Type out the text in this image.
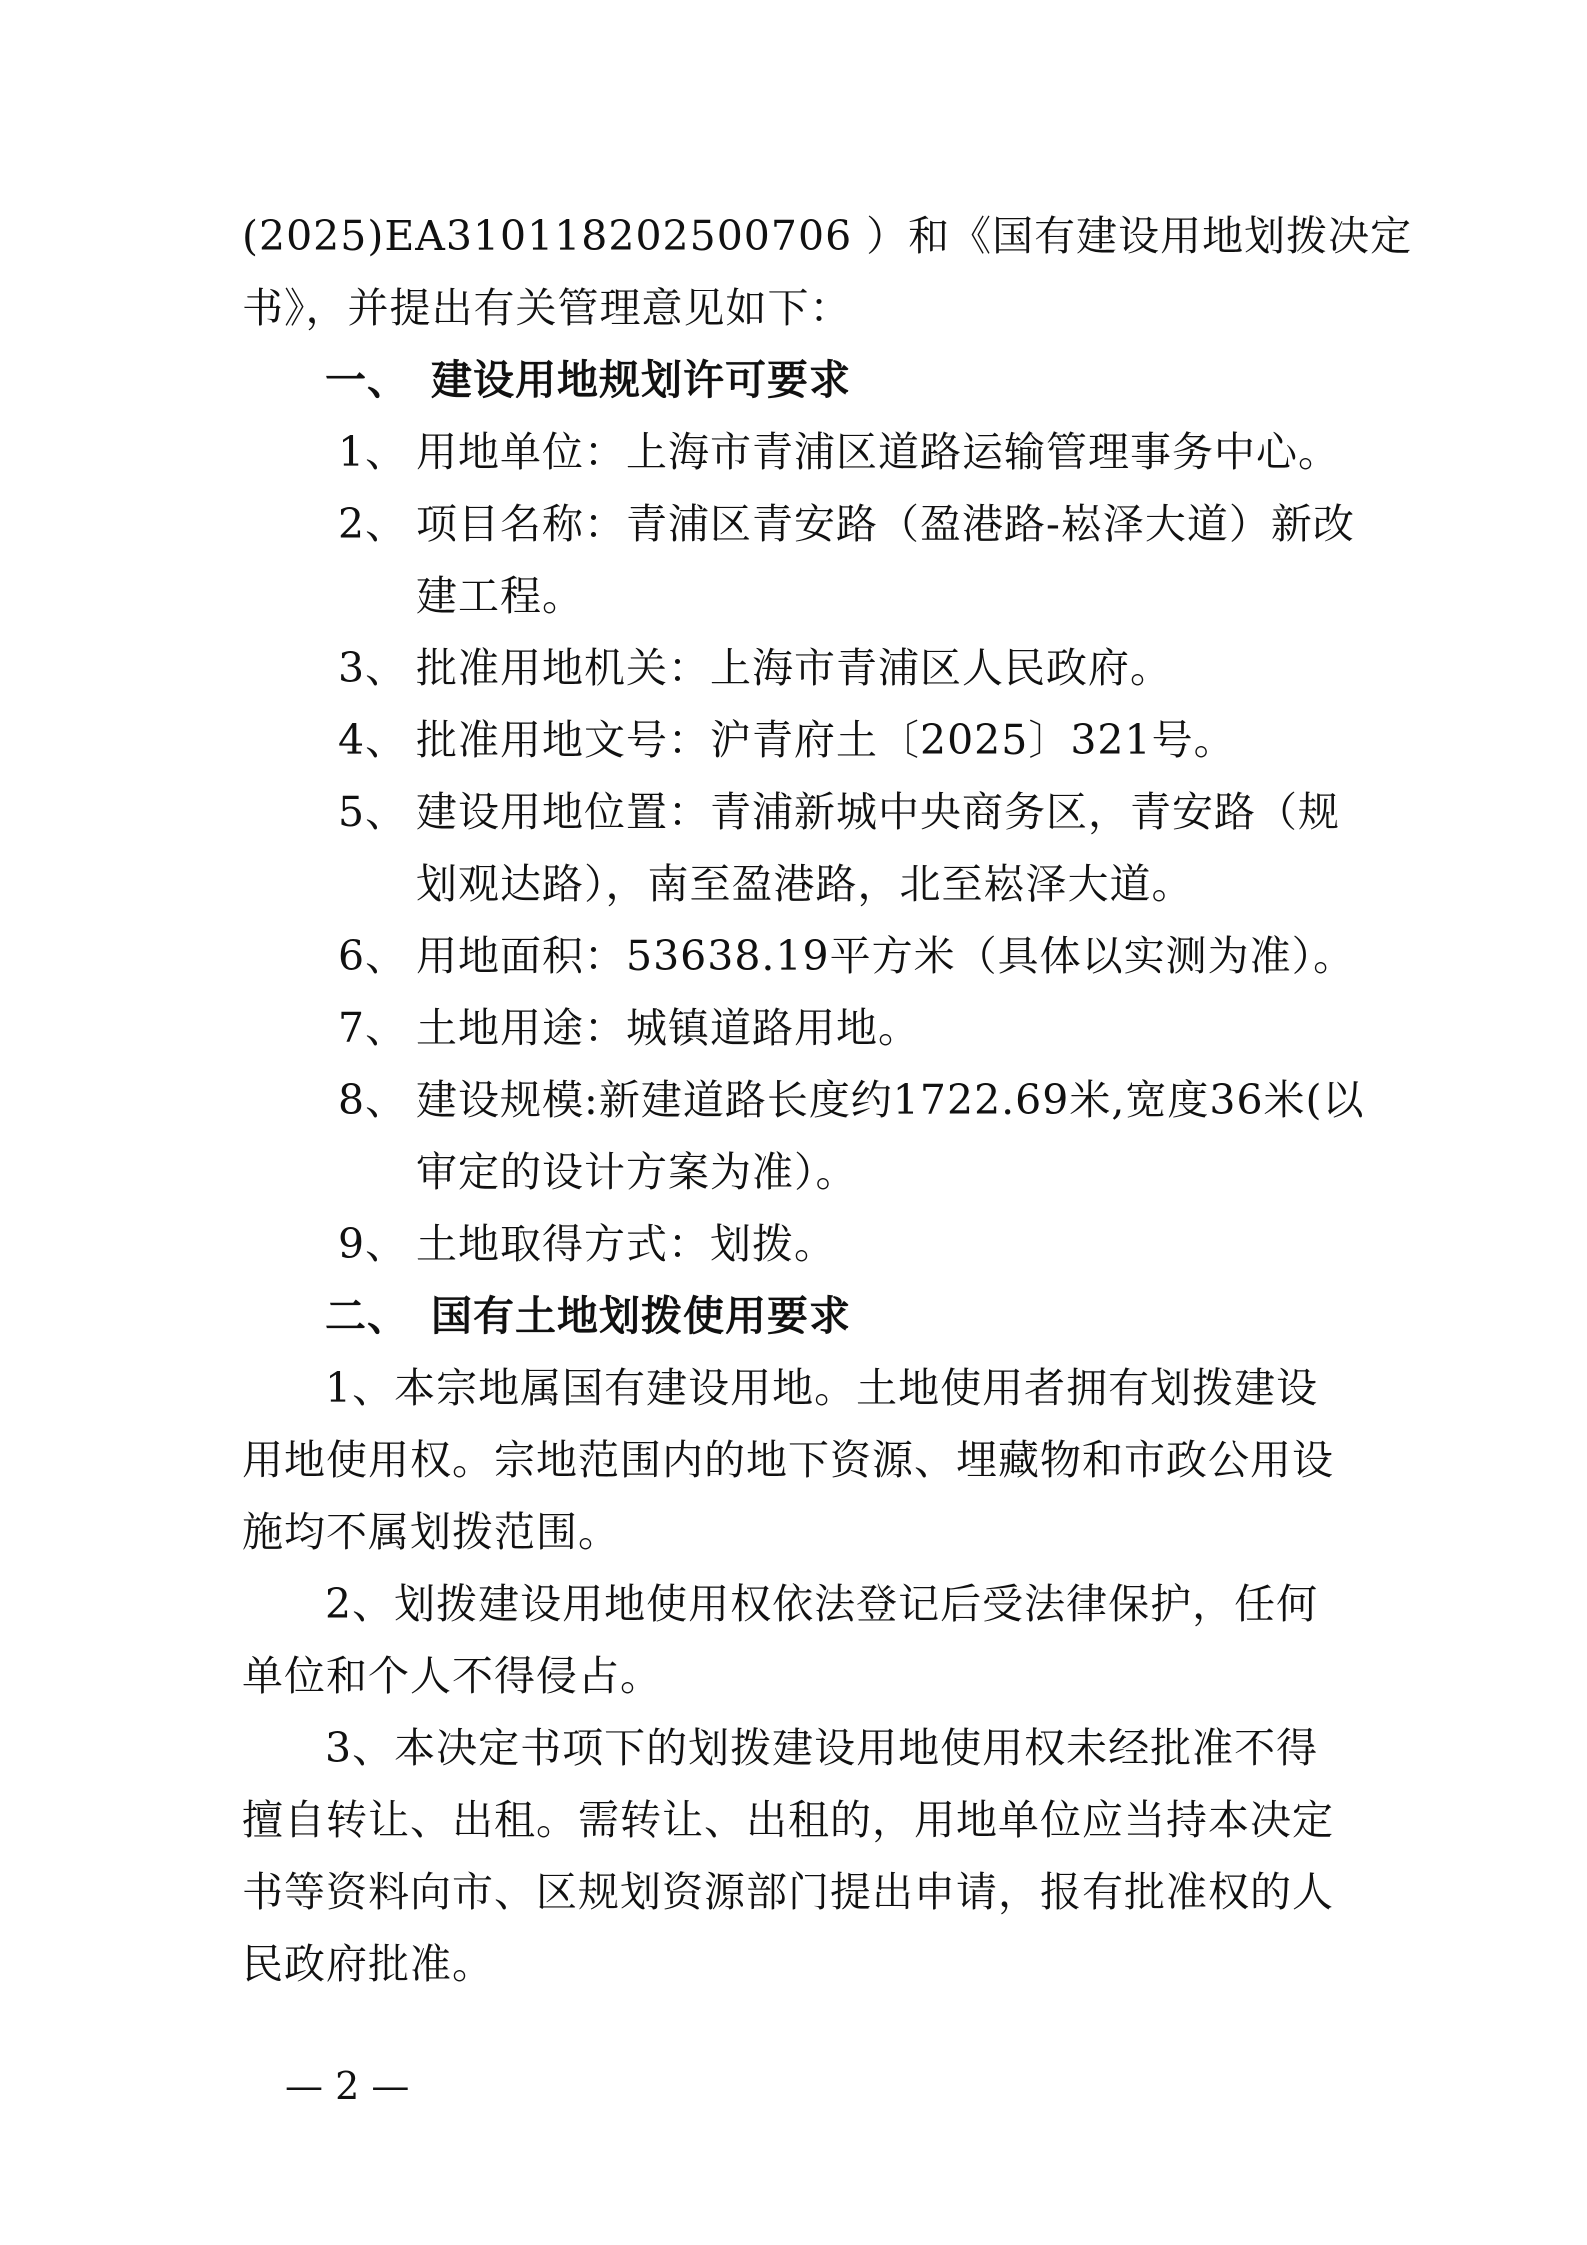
(2025)EA310118202500706 ）和《国有建设用地划拨决定

书》，并提出有关管理意见如下：

一、 建设用地规划许可要求

1、 用地单位：上海市青浦区道路运输管理事务中心。

2、 项目名称：青浦区青安路（盈港路-崧泽大道）新改

建工程。

3、 批准用地机关：上海市青浦区人民政府。

4、 批准用地文号：沪青府土〔2025〕321号。

5、 建设用地位置：青浦新城中央商务区，青安路（规

划观达路），南至盈港路，北至崧泽大道。

6、 用地面积：53638.19平方米（具体以实测为准）。

7、 土地用途：城镇道路用地。

8、 建设规模:新建道路长度约1722.69米,宽度36米(以

审定的设计方案为准）。

9、 土地取得方式：划拨。

二、 国有土地划拨使用要求

1、本宗地属国有建设用地。土地使用者拥有划拨建设

用地使用权。宗地范围内的地下资源、埋藏物和市政公用设

施均不属划拨范围。

2、划拨建设用地使用权依法登记后受法律保护，任何

单位和个人不得侵占。

3、本决定书项下的划拨建设用地使用权未经批准不得

擅自转让、出租。需转让、出租的，用地单位应当持本决定

书等资料向市、区规划资源部门提出申请，报有批准权的人

民政府批准。

— 2 —
